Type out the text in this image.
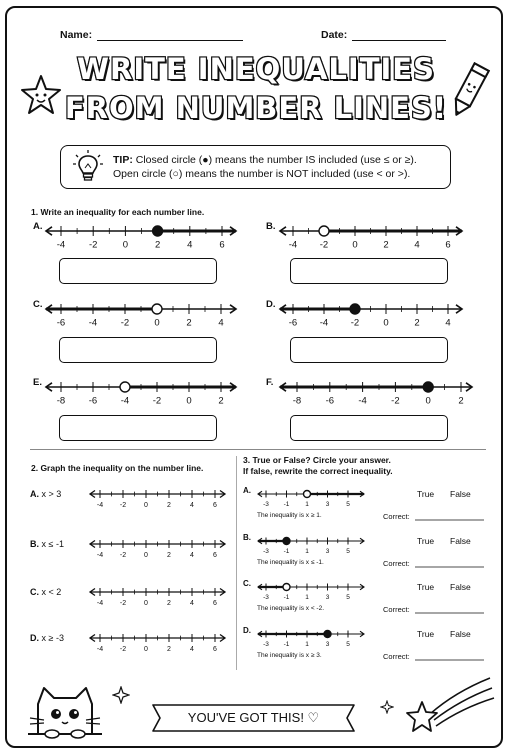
Name:	Date:
WRITE INEQUALITIES
FROM NUMBER LINES!
TIP: Closed circle (●) means the number IS included (use ≤ or ≥).
Open circle (○) means the number is NOT included (use < or >).
1. Write an inequality for each number line.
A.
-4 -2	0	2	4	6
B.
-4 -2	0	2	4	6
C.
-6 -4 -2	0	2	4
D.
-6 -4 -2	0	2	4
E.
-8 -6 -4 -2	0	2
F.
-8	-6	-4	-2	0	2
2. Graph the inequality on the number line.
3. True or False? Circle your answer.
If false, rewrite the correct inequality.
A. x > 3
-4 -2	0	2	4	6
B. x ≤ -1
-4 -2	0	2	4	6
C. x < 2
-4 -2	0	2	4	6
D. x ≥ -3
-4 -2	0	2	4	6
A.
-3 -1 1	3	5
The inequality is x ≥ 1.
True False
Correct:
B.
-3 -1 1	3	5
The inequality is x ≤ -1.
True False
Correct:
C.
-3 -1 1	3	5
The inequality is x < -2.
True False
Correct:
D.
-3 -1 1	3	5
The inequality is x ≥ 3.
True False
Correct:
YOU'VE GOT THIS! ♡
